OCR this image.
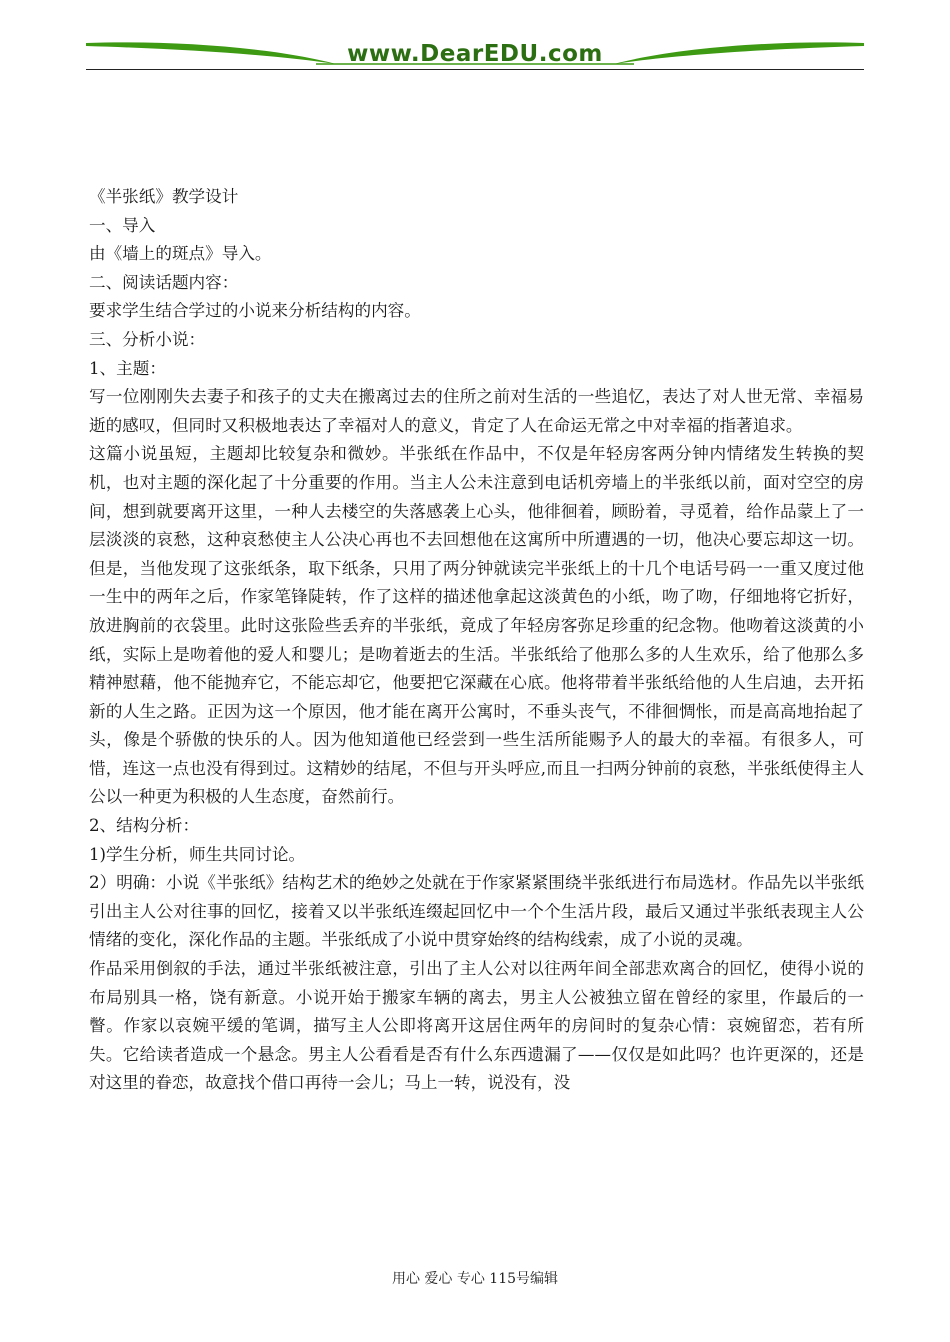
www.DearEDU.com

《半张纸》教学设计

一、导入

由《墙上的斑点》导入。

二、阅读话题内容：

要求学生结合学过的小说来分析结构的内容。

三、分析小说：

1、主题：

写一位刚刚失去妻子和孩子的丈夫在搬离过去的住所之前对生活的一些追忆，表达了对人世无常、幸福易逝的感叹，但同时又积极地表达了幸福对人的意义，肯定了人在命运无常之中对幸福的指著追求。

这篇小说虽短，主题却比较复杂和微妙。半张纸在作品中，不仅是年轻房客两分钟内情绪发生转换的契机，也对主题的深化起了十分重要的作用。当主人公未注意到电话机旁墙上的半张纸以前，面对空空的房间，想到就要离开这里，一种人去楼空的失落感袭上心头，他徘徊着，顾盼着，寻觅着，给作品蒙上了一层淡淡的哀愁，这种哀愁使主人公决心再也不去回想他在这寓所中所遭遇的一切，他决心要忘却这一切。但是，当他发现了这张纸条，取下纸条，只用了两分钟就读完半张纸上的十几个电话号码一一重又度过他一生中的两年之后，作家笔锋陡转，作了这样的描述他拿起这淡黄色的小纸，吻了吻，仔细地将它折好，放进胸前的衣袋里。此时这张险些丢弃的半张纸，竟成了年轻房客弥足珍重的纪念物。他吻着这淡黄的小纸，实际上是吻着他的爱人和婴儿；是吻着逝去的生活。半张纸给了他那么多的人生欢乐，给了他那么多精神慰藉，他不能抛弃它，不能忘却它，他要把它深藏在心底。他将带着半张纸给他的人生启迪，去开拓新的人生之路。正因为这一个原因，他才能在离开公寓时，不垂头丧气，不徘徊惆怅，而是高高地抬起了头，像是个骄傲的快乐的人。因为他知道他已经尝到一些生活所能赐予人的最大的幸福。有很多人，可惜，连这一点也没有得到过。这精妙的结尾，不但与开头呼应,而且一扫两分钟前的哀愁，半张纸使得主人公以一种更为积极的人生态度，奋然前行。

2、结构分析：

1)学生分析，师生共同讨论。

2）明确：小说《半张纸》结构艺术的绝妙之处就在于作家紧紧围绕半张纸进行布局选材。作品先以半张纸引出主人公对往事的回忆，接着又以半张纸连缀起回忆中一个个生活片段，最后又通过半张纸表现主人公情绪的变化，深化作品的主题。半张纸成了小说中贯穿始终的结构线索，成了小说的灵魂。

作品采用倒叙的手法，通过半张纸被注意，引出了主人公对以往两年间全部悲欢离合的回忆，使得小说的布局别具一格，饶有新意。小说开始于搬家车辆的离去，男主人公被独立留在曾经的家里，作最后的一瞥。作家以哀婉平缓的笔调，描写主人公即将离开这居住两年的房间时的复杂心情：哀婉留恋，若有所失。它给读者造成一个悬念。男主人公看看是否有什么东西遗漏了——仅仅是如此吗？也许更深的，还是对这里的眷恋，故意找个借口再待一会儿；马上一转，说没有，没

用心 爱心 专心 115号编辑
